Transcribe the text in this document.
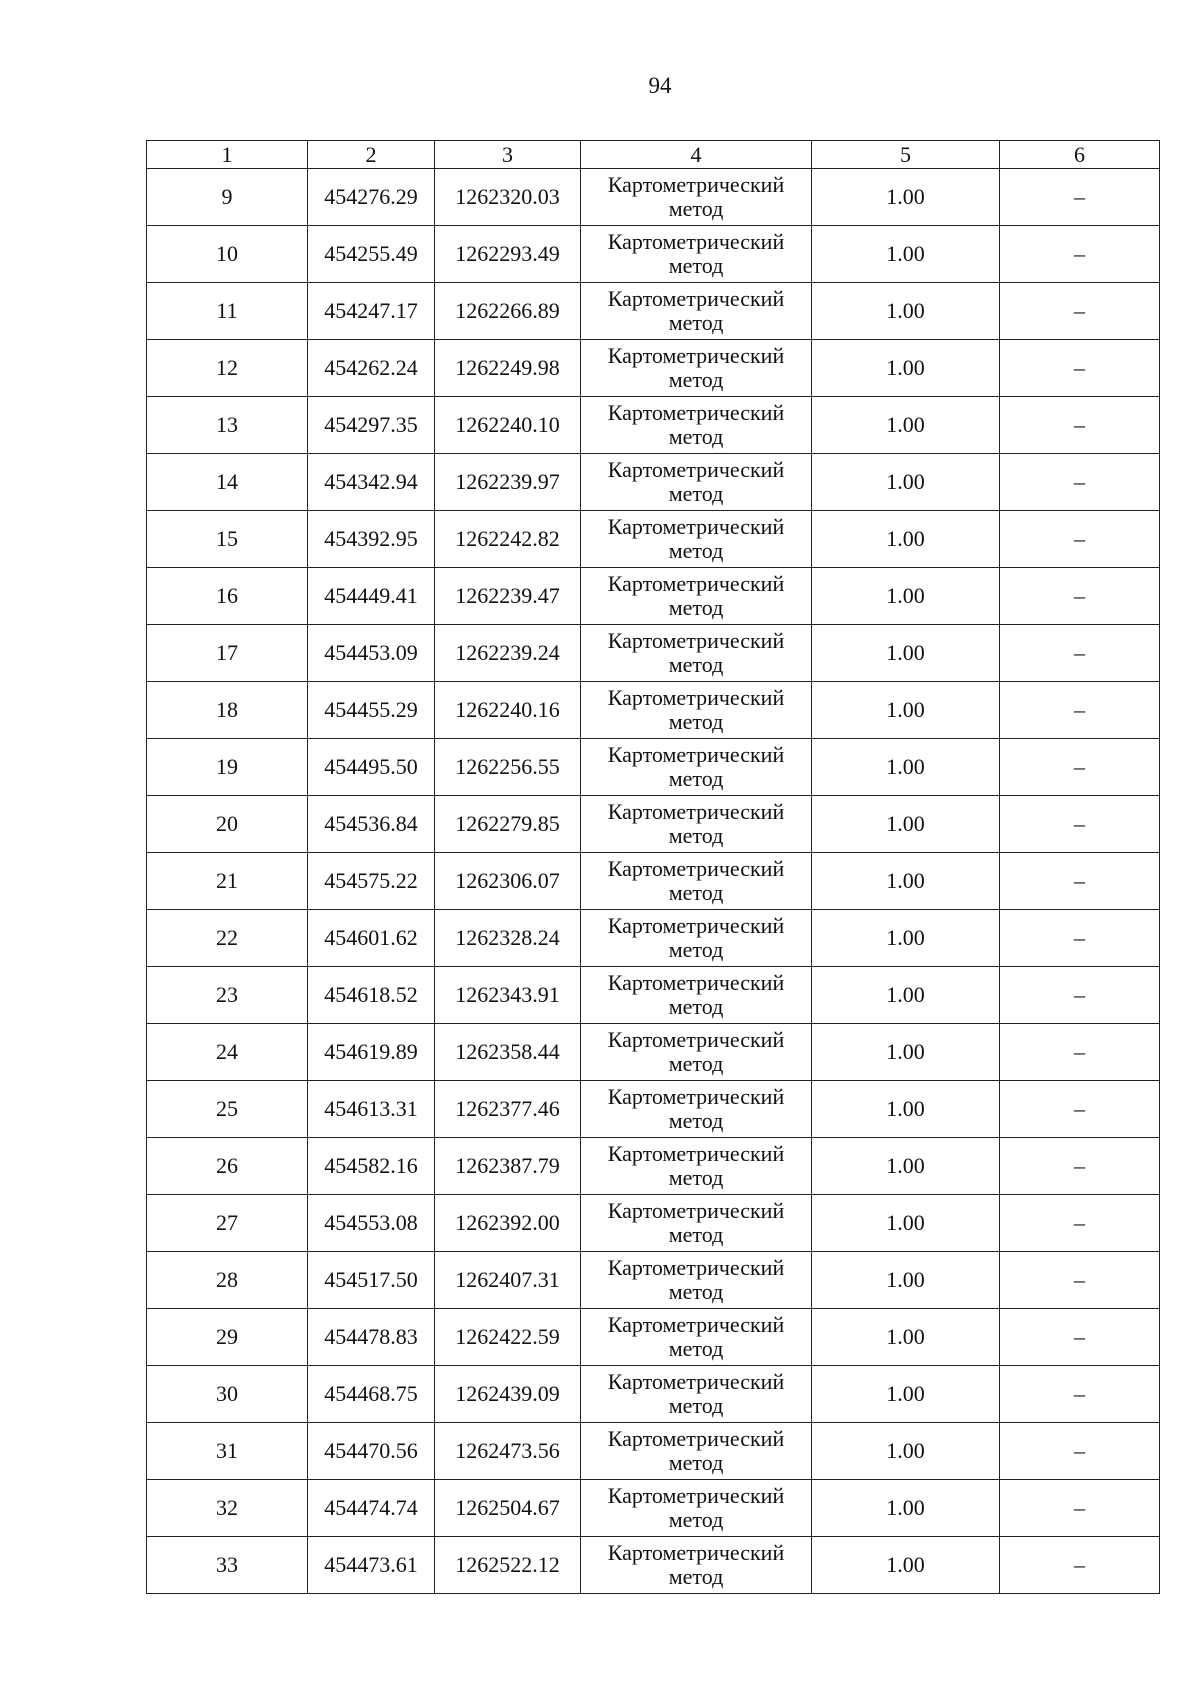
94
1	2	3	4	5	6
9	454276.29	1262320.03	Картометрический метод	1.00	–
10	454255.49	1262293.49	Картометрический метод	1.00	–
11	454247.17	1262266.89	Картометрический метод	1.00	–
12	454262.24	1262249.98	Картометрический метод	1.00	–
13	454297.35	1262240.10	Картометрический метод	1.00	–
14	454342.94	1262239.97	Картометрический метод	1.00	–
15	454392.95	1262242.82	Картометрический метод	1.00	–
16	454449.41	1262239.47	Картометрический метод	1.00	–
17	454453.09	1262239.24	Картометрический метод	1.00	–
18	454455.29	1262240.16	Картометрический метод	1.00	–
19	454495.50	1262256.55	Картометрический метод	1.00	–
20	454536.84	1262279.85	Картометрический метод	1.00	–
21	454575.22	1262306.07	Картометрический метод	1.00	–
22	454601.62	1262328.24	Картометрический метод	1.00	–
23	454618.52	1262343.91	Картометрический метод	1.00	–
24	454619.89	1262358.44	Картометрический метод	1.00	–
25	454613.31	1262377.46	Картометрический метод	1.00	–
26	454582.16	1262387.79	Картометрический метод	1.00	–
27	454553.08	1262392.00	Картометрический метод	1.00	–
28	454517.50	1262407.31	Картометрический метод	1.00	–
29	454478.83	1262422.59	Картометрический метод	1.00	–
30	454468.75	1262439.09	Картометрический метод	1.00	–
31	454470.56	1262473.56	Картометрический метод	1.00	–
32	454474.74	1262504.67	Картометрический метод	1.00	–
33	454473.61	1262522.12	Картометрический метод	1.00	–
